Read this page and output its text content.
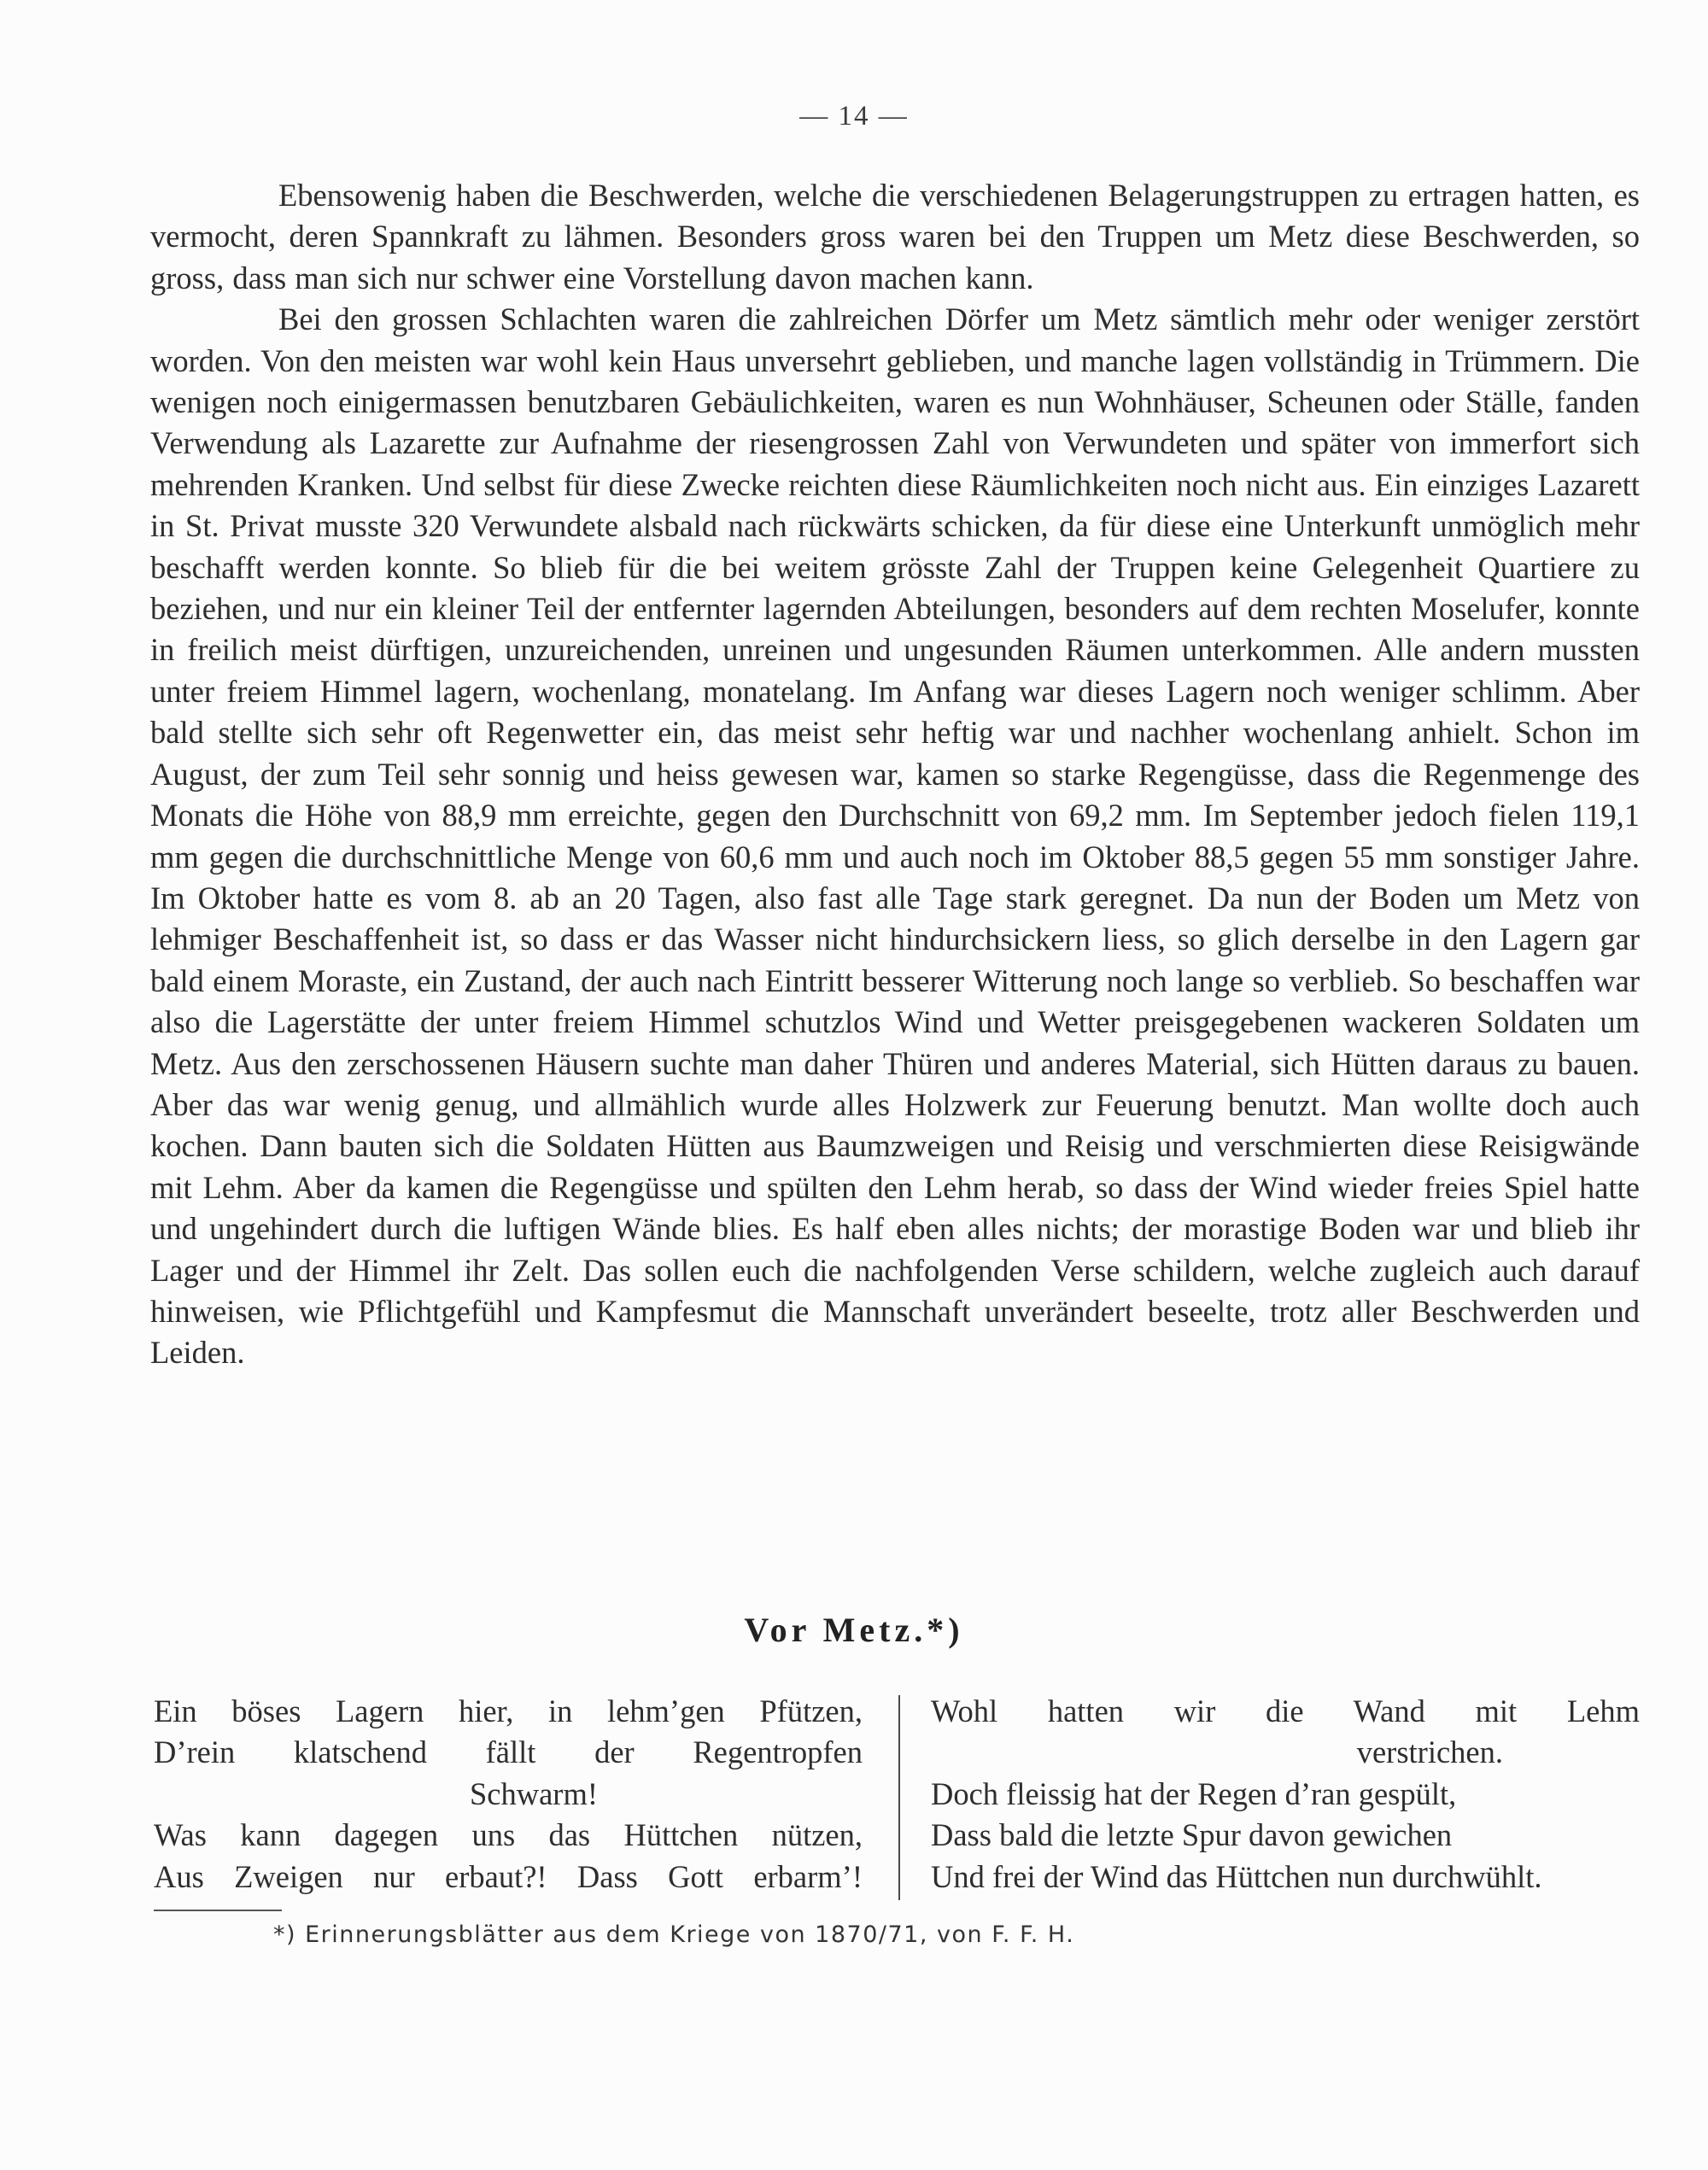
— 14 —

Ebensowenig haben die Beschwerden, welche die verschiedenen Belagerungstruppen zu ertragen hatten, es vermocht, deren Spannkraft zu lähmen. Besonders gross waren bei den Truppen um Metz diese Beschwerden, so gross, dass man sich nur schwer eine Vorstellung davon machen kann.

Bei den grossen Schlachten waren die zahlreichen Dörfer um Metz sämtlich mehr oder weniger zerstört worden. Von den meisten war wohl kein Haus unversehrt geblieben, und manche lagen vollständig in Trümmern. Die wenigen noch einigermassen benutzbaren Gebäulichkeiten, waren es nun Wohnhäuser, Scheunen oder Ställe, fanden Verwendung als Lazarette zur Aufnahme der riesengrossen Zahl von Verwundeten und später von immerfort sich mehrenden Kranken. Und selbst für diese Zwecke reichten diese Räumlichkeiten noch nicht aus. Ein einziges Lazarett in St. Privat musste 320 Verwundete alsbald nach rückwärts schicken, da für diese eine Unterkunft unmöglich mehr beschafft werden konnte. So blieb für die bei weitem grösste Zahl der Truppen keine Gelegenheit Quartiere zu beziehen, und nur ein kleiner Teil der entfernter lagernden Abteilungen, besonders auf dem rechten Moselufer, konnte in freilich meist dürftigen, unzureichenden, unreinen und ungesunden Räumen unterkommen. Alle andern mussten unter freiem Himmel lagern, wochenlang, monatelang. Im Anfang war dieses Lagern noch weniger schlimm. Aber bald stellte sich sehr oft Regenwetter ein, das meist sehr heftig war und nachher wochenlang anhielt. Schon im August, der zum Teil sehr sonnig und heiss gewesen war, kamen so starke Regengüsse, dass die Regenmenge des Monats die Höhe von 88,9 mm erreichte, gegen den Durchschnitt von 69,2 mm. Im September jedoch fielen 119,1 mm gegen die durchschnittliche Menge von 60,6 mm und auch noch im Oktober 88,5 gegen 55 mm sonstiger Jahre. Im Oktober hatte es vom 8. ab an 20 Tagen, also fast alle Tage stark geregnet. Da nun der Boden um Metz von lehmiger Beschaffenheit ist, so dass er das Wasser nicht hindurchsickern liess, so glich derselbe in den Lagern gar bald einem Moraste, ein Zustand, der auch nach Eintritt besserer Witterung noch lange so verblieb. So beschaffen war also die Lagerstätte der unter freiem Himmel schutzlos Wind und Wetter preisgegebenen wackeren Soldaten um Metz. Aus den zerschossenen Häusern suchte man daher Thüren und anderes Material, sich Hütten daraus zu bauen. Aber das war wenig genug, und allmählich wurde alles Holzwerk zur Feuerung benutzt. Man wollte doch auch kochen. Dann bauten sich die Soldaten Hütten aus Baumzweigen und Reisig und verschmierten diese Reisigwände mit Lehm. Aber da kamen die Regengüsse und spülten den Lehm herab, so dass der Wind wieder freies Spiel hatte und ungehindert durch die luftigen Wände blies. Es half eben alles nichts; der morastige Boden war und blieb ihr Lager und der Himmel ihr Zelt. Das sollen euch die nachfolgenden Verse schildern, welche zugleich auch darauf hinweisen, wie Pflichtgefühl und Kampfesmut die Mannschaft unverändert beseelte, trotz aller Beschwerden und Leiden.

Vor Metz.*)

Ein böses Lagern hier, in lehm’gen Pfützen,

D’rein klatschend fällt der Regentropfen

Schwarm!

Was kann dagegen uns das Hüttchen nützen,

Aus Zweigen nur erbaut?! Dass Gott erbarm’!

Wohl hatten wir die Wand mit Lehm

verstrichen.

Doch fleissig hat der Regen d’ran gespült,

Dass bald die letzte Spur davon gewichen

Und frei der Wind das Hüttchen nun durchwühlt.

*) Erinnerungsblätter aus dem Kriege von 1870/71, von F. F. H.
